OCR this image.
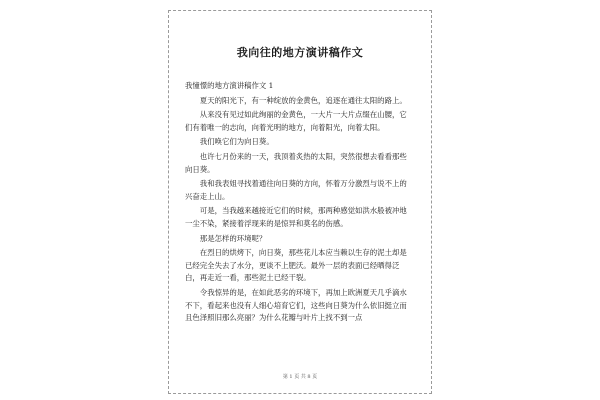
我向往的地方演讲稿作文

我憧憬的地方演讲稿作文 1

夏天的阳光下，有一种绽放的金黄色，追逐在通往太阳的路上。

从来没有见过如此绚丽的金黄色，一大片一大片点缀在山腰，它们有着唯一的志向，向着光明的地方，向着阳光，向着太阳。

我们唤它们为向日葵。

也许七月份来的一天，我顶着炙热的太阳，突然很想去看看那些向日葵。

我和我表姐寻找着通往向日葵的方向，怀着万分激烈与说不上的兴奋走上山。

可是，当我越来越接近它们的时候，那两种感觉如洪水般被冲地一尘不染，紧接着浮现来的是惊异和莫名的伤感。

那是怎样的环境呢？

在烈日的烘烤下，向日葵，那些花儿本应当赖以生存的泥土却是已经完全失去了水分，更谈不上肥沃。最外一层的表面已经晒得泛白，再走近一看，那些泥土已经干裂。

令我惊异的是，在如此恶劣的环境下，再加上欧洲夏天几乎滴水不下，看起来也没有人细心培育它们，这些向日葵为什么依旧挺立而且色泽照旧那么亮丽？为什么花瓣与叶片上找不到一点

第 1 页 共 8 页
